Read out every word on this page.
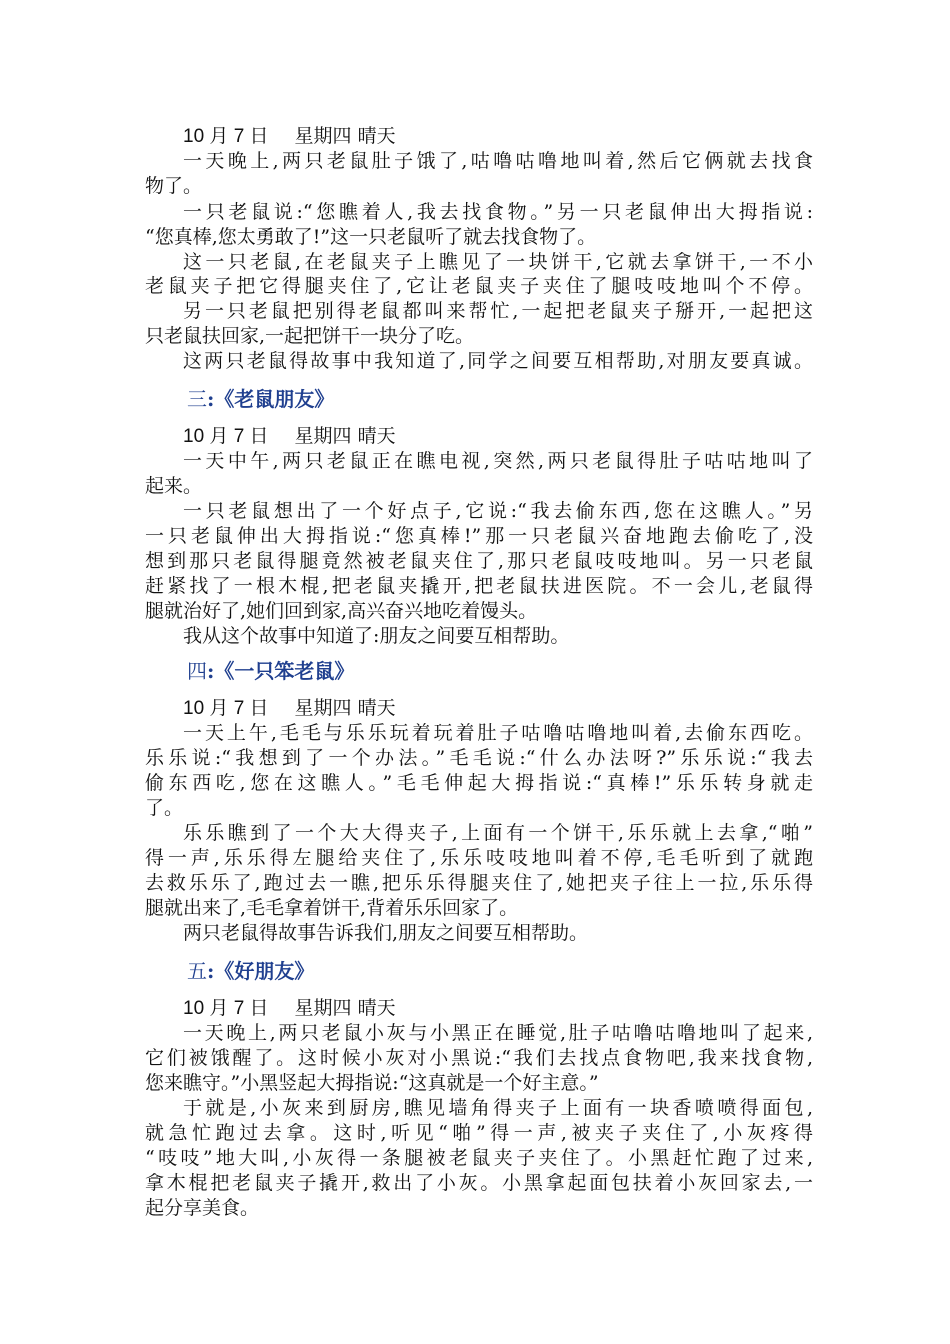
10 月 7 日 星期四 晴天
一天晚上,两只老鼠肚子饿了,咕噜咕噜地叫着,然后它俩就去找食
物了。
一只老鼠说:“您瞧着人,我去找食物。”另一只老鼠伸出大拇指说:
“您真棒,您太勇敢了!”这一只老鼠听了就去找食物了。
这一只老鼠,在老鼠夹子上瞧见了一块饼干,它就去拿饼干,一不小
老鼠夹子把它得腿夹住了,它让老鼠夹子夹住了腿吱吱地叫个不停。
另一只老鼠把别得老鼠都叫来帮忙,一起把老鼠夹子掰开,一起把这
只老鼠扶回家,一起把饼干一块分了吃。
这两只老鼠得故事中我知道了,同学之间要互相帮助,对朋友要真诚。
三:《老鼠朋友》
10 月 7 日 星期四 晴天
一天中午,两只老鼠正在瞧电视,突然,两只老鼠得肚子咕咕地叫了
起来。
一只老鼠想出了一个好点子,它说:“我去偷东西,您在这瞧人。”另
一只老鼠伸出大拇指说:“您真棒!”那一只老鼠兴奋地跑去偷吃了,没
想到那只老鼠得腿竟然被老鼠夹住了,那只老鼠吱吱地叫。另一只老鼠
赶紧找了一根木棍,把老鼠夹撬开,把老鼠扶进医院。不一会儿,老鼠得
腿就治好了,她们回到家,高兴奋兴地吃着馒头。
我从这个故事中知道了:朋友之间要互相帮助。
四:《一只笨老鼠》
10 月 7 日 星期四 晴天
一天上午,毛毛与乐乐玩着玩着肚子咕噜咕噜地叫着,去偷东西吃。
乐乐说:“我想到了一个办法。”毛毛说:“什么办法呀?”乐乐说:“我去
偷东西吃,您在这瞧人。”毛毛伸起大拇指说:“真棒!”乐乐转身就走
了。
乐乐瞧到了一个大大得夹子,上面有一个饼干,乐乐就上去拿,“啪”
得一声,乐乐得左腿给夹住了,乐乐吱吱地叫着不停,毛毛听到了就跑
去救乐乐了,跑过去一瞧,把乐乐得腿夹住了,她把夹子往上一拉,乐乐得
腿就出来了,毛毛拿着饼干,背着乐乐回家了。
两只老鼠得故事告诉我们,朋友之间要互相帮助。
五:《好朋友》
10 月 7 日 星期四 晴天
一天晚上,两只老鼠小灰与小黑正在睡觉,肚子咕噜咕噜地叫了起来,
它们被饿醒了。这时候小灰对小黑说:“我们去找点食物吧,我来找食物,
您来瞧守。”小黑竖起大拇指说:“这真就是一个好主意。”
于就是,小灰来到厨房,瞧见墙角得夹子上面有一块香喷喷得面包,
就急忙跑过去拿。这时,听见“啪”得一声,被夹子夹住了,小灰疼得
“吱吱”地大叫,小灰得一条腿被老鼠夹子夹住了。小黑赶忙跑了过来,
拿木棍把老鼠夹子撬开,救出了小灰。小黑拿起面包扶着小灰回家去,一
起分享美食。
